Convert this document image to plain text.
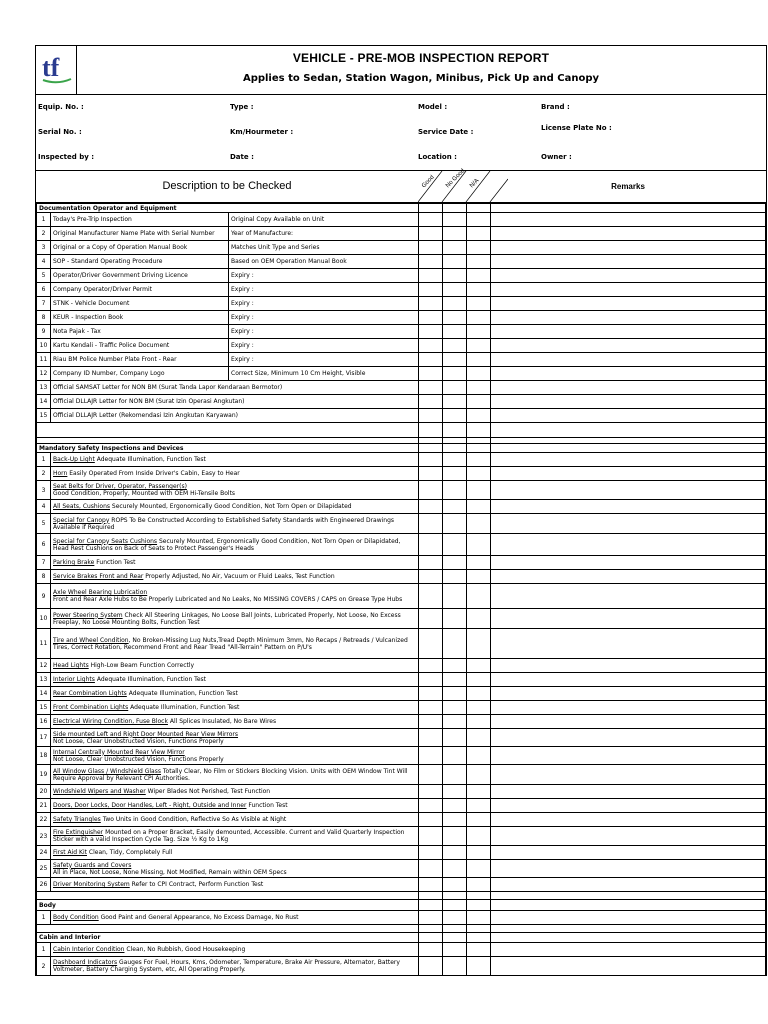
tf	VEHICLE - PRE-MOB INSPECTION REPORT
Applies to Sedan, Station Wagon, Minibus, Pick Up and Canopy
Equip. No. :	Type :	Model :	Brand :
Serial No. :	Km/Hourmeter :	Service Date :	License Plate No :
Inspected by :	Date :	Location :	Owner :
Description to be Checked	Good No Good N/A	Remarks
Documentation Operator and Equipment						
1	Today's Pre-Trip Inspection	Original Copy Available on Unit				
2	Original Manufacturer Name Plate with Serial Number	Year of Manufacture:				
3	Original or a Copy of Operation Manual Book	Matches Unit Type and Series				
4	SOP - Standard Operating Procedure	Based on OEM Operation Manual Book				
5	Operator/Driver Government Driving Licence	Expiry :				
6	Company Operator/Driver Permit	Expiry :				
7	STNK - Vehicle Document	Expiry :				
8	KEUR - Inspection Book	Expiry :				
9	Nota Pajak - Tax	Expiry :				
10	Kartu Kendali - Traffic Police Document	Expiry :				
11	Riau BM Police Number Plate Front - Rear	Expiry :				
12	Company ID Number, Company Logo	Correct Size, Minimum 10 Cm Height, Visible				
13	Official SAMSAT Letter for NON BM (Surat Tanda Lapor Kendaraan Bermotor)					
14	Official DLLAJR Letter for NON BM (Surat Izin Operasi Angkutan)					
15	Official DLLAJR Letter (Rekomendasi Izin Angkutan Karyawan)					

Mandatory Safety Inspections and Devices						
1	Back-Up Light Adequate Illumination, Function Test					
2	Horn Easily Operated From Inside Driver's Cabin, Easy to Hear					
3	Seat Belts for Driver, Operator, Passenger(s)
Good Condition, Properly, Mounted with OEM Hi-Tensile Bolts					
4	All Seats, Cushions Securely Mounted, Ergonomically Good Condition, Not Torn Open or Dilapidated					
5	Special for Canopy ROPS To Be Constructed According to Established Safety Standards with Engineered Drawings Available if Required					
6	Special for Canopy Seats Cushions Securely Mounted, Ergonomically Good Condition, Not Torn Open or Dilapidated, Head Rest Cushions on Back of Seats to Protect Passenger's Heads					
7	Parking Brake Function Test					
8	Service Brakes Front and Rear Properly Adjusted, No Air, Vacuum or Fluid Leaks, Test Function					
9	Axle Wheel Bearing Lubrication
Front and Rear Axle Hubs to Be Properly Lubricated and No Leaks, No MISSING COVERS / CAPS on Grease Type Hubs					
10	Power Steering System Check All Steering Linkages, No Loose Ball Joints, Lubricated Properly, Not Loose, No Excess Freeplay, No Loose Mounting Bolts, Function Test					
11	Tire and Wheel Condition, No Broken-Missing Lug Nuts,Tread Depth Minimum 3mm, No Recaps / Retreads / Vulcanized Tires, Correct Rotation, Recommend Front and Rear Tread "All-Terrain" Pattern on P/U's					
12	Head Lights High-Low Beam Function Correctly					
13	Interior Lights Adequate Illumination, Function Test					
14	Rear Combination Lights Adequate Illumination, Function Test					
15	Front Combination Lights Adequate Illumination, Function Test					
16	Electrical Wiring Condition, Fuse Block All Splices Insulated, No Bare Wires					
17	Side mounted Left and Right Door Mounted Rear View Mirrors
Not Loose, Clear Unobstructed Vision, Functions Properly					
18	Internal Centrally Mounted Rear View Mirror
Not Loose, Clear Unobstructed Vision, Functions Properly					
19	All Window Glass / Windshield Glass Totally Clear, No Film or Stickers Blocking Vision. Units with OEM Window Tint Will Require Approval by Relevant CPI Authorities.					
20	Windshield Wipers and Washer Wiper Blades Not Perished, Test Function					
21	Doors, Door Locks, Door Handles, Left - Right, Outside and Inner Function Test					
22	Safety Triangles Two Units in Good Condition, Reflective So As Visible at Night					
23	Fire Extinguisher Mounted on a Proper Bracket, Easily demounted, Accessible. Current and Valid Quarterly Inspection Sticker with a valid Inspection Cycle Tag. Size ½ Kg to 1Kg					
24	First Aid Kit Clean, Tidy, Completely Full					
25	Safety Guards and Covers
All in Place, Not Loose, None Missing, Not Modified, Remain within OEM Specs					
26	Driver Monitoring System Refer to CPI Contract, Perform Function Test					

Body						
1	Body Condition Good Paint and General Appearance, No Excess Damage, No Rust					

Cabin and Interior						
1	Cabin Interior Condition Clean, No Rubbish, Good Housekeeping					
2	Dashboard Indicators Gauges For Fuel, Hours, Kms, Odometer, Temperature, Brake Air Pressure, Alternator, Battery Voltmeter, Battery Charging System, etc, All Operating Properly.					
